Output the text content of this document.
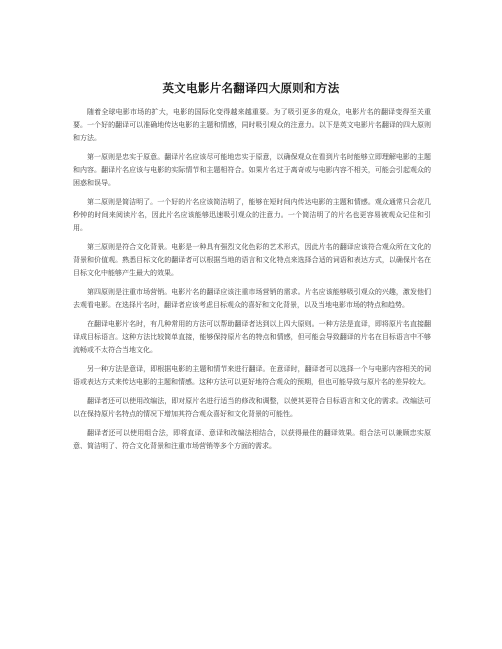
英文电影片名翻译四大原则和方法

随着全球电影市场的扩大，电影的国际化变得越来越重要。为了吸引更多的观众，电影片名的翻译变得至关重要。一个好的翻译可以准确地传达电影的主题和情感，同时吸引观众的注意力。以下是英文电影片名翻译的四大原则和方法。

第一原则是忠实于原意。翻译片名应该尽可能地忠实于原意，以确保观众在看到片名时能够立即理解电影的主题和内容。翻译片名应该与电影的实际情节和主题相符合。如果片名过于离奇或与电影内容不相关，可能会引起观众的困惑和误导。

第二原则是简洁明了。一个好的片名应该简洁明了，能够在短时间内传达电影的主题和情感。观众通常只会花几秒钟的时间来阅读片名，因此片名应该能够迅速吸引观众的注意力。一个简洁明了的片名也更容易被观众记住和引用。

第三原则是符合文化背景。电影是一种具有强烈文化色彩的艺术形式，因此片名的翻译应该符合观众所在文化的背景和价值观。熟悉目标文化的翻译者可以根据当地的语言和文化特点来选择合适的词语和表达方式，以确保片名在目标文化中能够产生最大的效果。

第四原则是注重市场营销。电影片名的翻译应该注重市场营销的需求。片名应该能够吸引观众的兴趣，激发他们去观看电影。在选择片名时，翻译者应该考虑目标观众的喜好和文化背景，以及当地电影市场的特点和趋势。

在翻译电影片名时，有几种常用的方法可以帮助翻译者达到以上四大原则。一种方法是直译，即将原片名直接翻译成目标语言。这种方法比较简单直接，能够保持原片名的特点和情感，但可能会导致翻译的片名在目标语言中不够流畅或不太符合当地文化。

另一种方法是意译，即根据电影的主题和情节来进行翻译。在意译时，翻译者可以选择一个与电影内容相关的词语或表达方式来传达电影的主题和情感。这种方法可以更好地符合观众的预期，但也可能导致与原片名的差异较大。

翻译者还可以使用改编法，即对原片名进行适当的修改和调整，以使其更符合目标语言和文化的需求。改编法可以在保持原片名特点的情况下增加其符合观众喜好和文化背景的可能性。

翻译者还可以使用组合法，即将直译、意译和改编法相结合，以获得最佳的翻译效果。组合法可以兼顾忠实原意、简洁明了、符合文化背景和注重市场营销等多个方面的需求。
